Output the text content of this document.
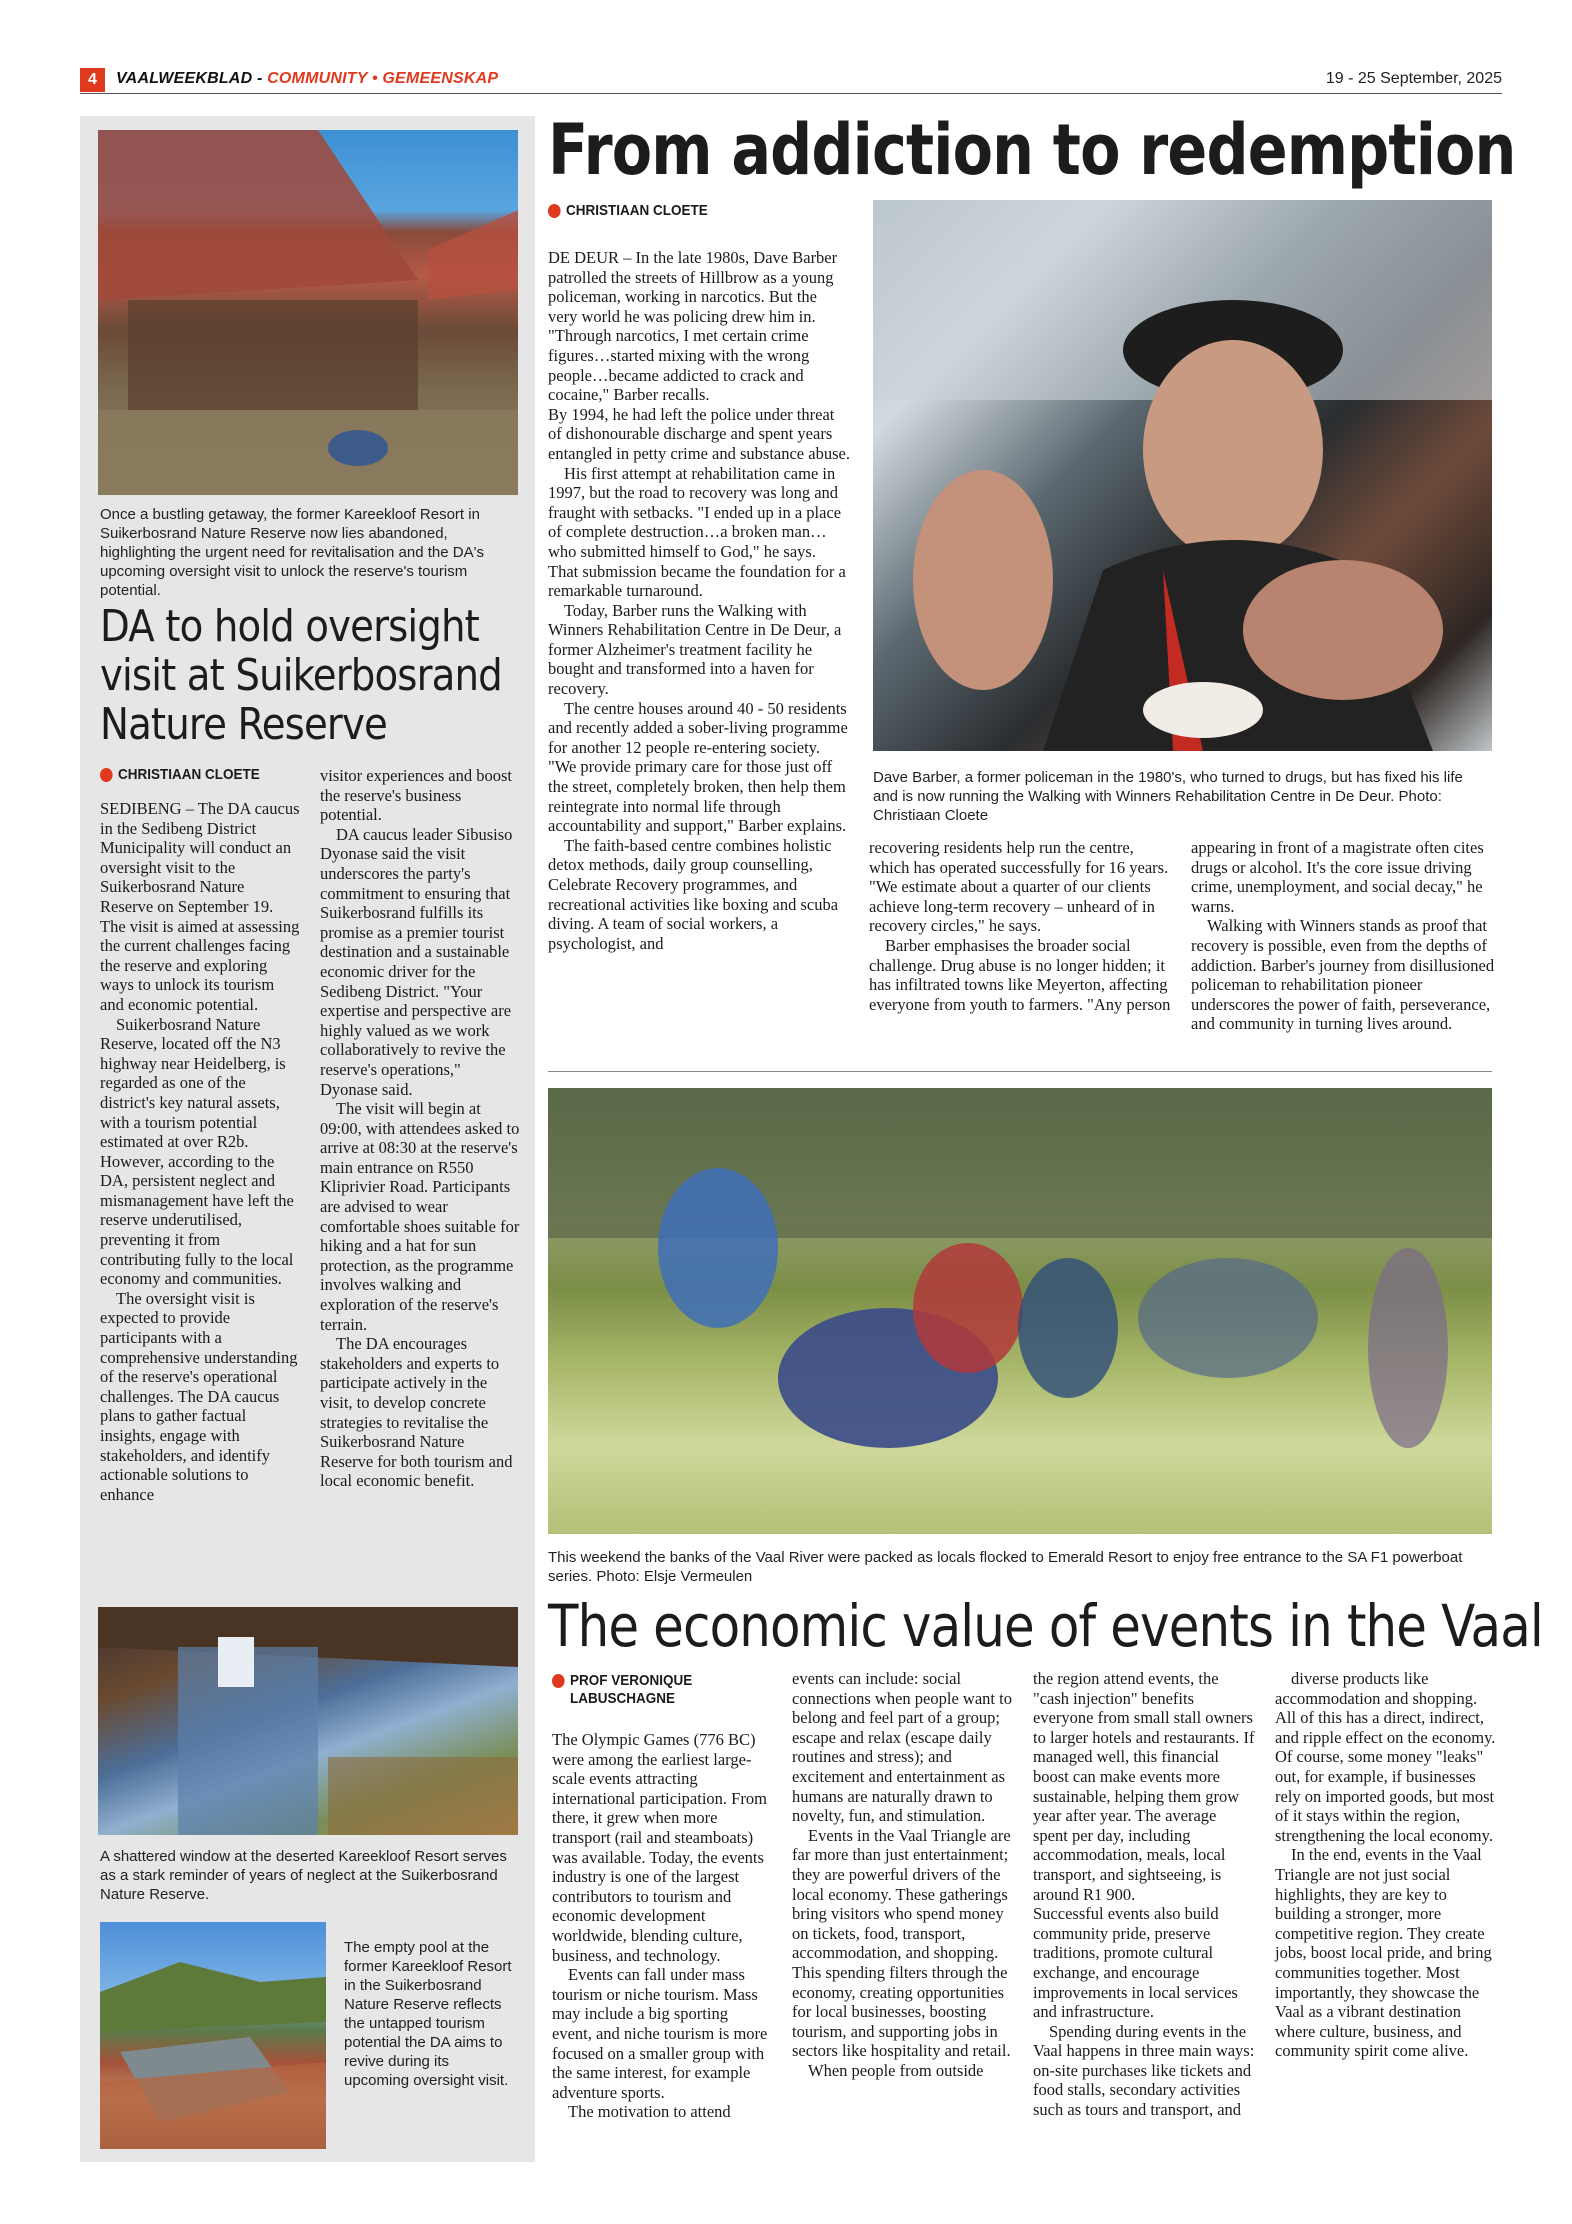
4	VAALWEEKBLAD - COMMUNITY • GEMEENSKAP	19 - 25 September, 2025
Once a bustling getaway, the former Kareekloof Resort in Suikerbosrand Nature Reserve now lies abandoned, highlighting the urgent need for revitalisation and the DA's upcoming oversight visit to unlock the reserve's tourism potential.
DA to hold oversight visit at Suikerbosrand Nature Reserve
CHRISTIAAN CLOETE

SEDIBENG – The DA caucus in the Sedibeng District Municipality will conduct an oversight visit to the Suikerbosrand Nature Reserve on September 19. The visit is aimed at assessing the current challenges facing the reserve and exploring ways to unlock its tourism and economic potential.

Suikerbosrand Nature Reserve, located off the N3 highway near Heidelberg, is regarded as one of the district's key natural assets, with a tourism potential estimated at over R2b. However, according to the DA, persistent neglect and mismanagement have left the reserve underutilised, preventing it from contributing fully to the local economy and communities.

The oversight visit is expected to provide participants with a comprehensive understanding of the reserve's operational challenges. The DA caucus plans to gather factual insights, engage with stakeholders, and identify actionable solutions to enhance

visitor experiences and boost the reserve's business potential.

DA caucus leader Sibusiso Dyonase said the visit underscores the party's commitment to ensuring that Suikerbosrand fulfills its promise as a premier tourist destination and a sustainable economic driver for the Sedibeng District. "Your expertise and perspective are highly valued as we work collaboratively to revive the reserve's operations," Dyonase said.

The visit will begin at 09:00, with attendees asked to arrive at 08:30 at the reserve's main entrance on R550 Kliprivier Road. Participants are advised to wear comfortable shoes suitable for hiking and a hat for sun protection, as the programme involves walking and exploration of the reserve's terrain.

The DA encourages stakeholders and experts to participate actively in the visit, to develop concrete strategies to revitalise the Suikerbosrand Nature Reserve for both tourism and local economic benefit.

A shattered window at the deserted Kareekloof Resort serves as a stark reminder of years of neglect at the Suikerbosrand Nature Reserve.
The empty pool at the former Kareekloof Resort in the Suikerbosrand Nature Reserve reflects the untapped tourism potential the DA aims to revive during its upcoming oversight visit.
From addiction to redemption
CHRISTIAAN CLOETE

DE DEUR – In the late 1980s, Dave Barber patrolled the streets of Hillbrow as a young policeman, working in narcotics. But the very world he was policing drew him in.

"Through narcotics, I met certain crime figures…started mixing with the wrong people…became addicted to crack and cocaine," Barber recalls.

By 1994, he had left the police under threat of dishonourable discharge and spent years entangled in petty crime and substance abuse.

His first attempt at rehabilitation came in 1997, but the road to recovery was long and fraught with setbacks. "I ended up in a place of complete destruction…a broken man…who submitted himself to God," he says. That submission became the foundation for a remarkable turnaround.

Today, Barber runs the Walking with Winners Rehabilitation Centre in De Deur, a former Alzheimer's treatment facility he bought and transformed into a haven for recovery.

The centre houses around 40 - 50 residents and recently added a sober-living programme for another 12 people re-entering society. "We provide primary care for those just off the street, completely broken, then help them reintegrate into normal life through accountability and support," Barber explains.

The faith-based centre combines holistic detox methods, daily group counselling, Celebrate Recovery programmes, and recreational activities like boxing and scuba diving. A team of social workers, a psychologist, and

Dave Barber, a former policeman in the 1980's, who turned to drugs, but has fixed his life and is now running the Walking with Winners Rehabilitation Centre in De Deur. Photo: Christiaan Cloete

recovering residents help run the centre, which has operated successfully for 16 years. "We estimate about a quarter of our clients achieve long-term recovery – unheard of in recovery circles," he says.

Barber emphasises the broader social challenge. Drug abuse is no longer hidden; it has infiltrated towns like Meyerton, affecting everyone from youth to farmers. "Any person

appearing in front of a magistrate often cites drugs or alcohol. It's the core issue driving crime, unemployment, and social decay," he warns.

Walking with Winners stands as proof that recovery is possible, even from the depths of addiction. Barber's journey from disillusioned policeman to rehabilitation pioneer underscores the power of faith, perseverance, and community in turning lives around.

This weekend the banks of the Vaal River were packed as locals flocked to Emerald Resort to enjoy free entrance to the SA F1 powerboat series. Photo: Elsje Vermeulen
The economic value of events in the Vaal
PROF VERONIQUE LABUSCHAGNE

The Olympic Games (776 BC) were among the earliest large-scale events attracting international participation. From there, it grew when more transport (rail and steamboats) was available. Today, the events industry is one of the largest contributors to tourism and economic development worldwide, blending culture, business, and technology.

Events can fall under mass tourism or niche tourism. Mass may include a big sporting event, and niche tourism is more focused on a smaller group with the same interest, for example adventure sports.

The motivation to attend

events can include: social connections when people want to belong and feel part of a group; escape and relax (escape daily routines and stress); and excitement and entertainment as humans are naturally drawn to novelty, fun, and stimulation.

Events in the Vaal Triangle are far more than just entertainment; they are powerful drivers of the local economy. These gatherings bring visitors who spend money on tickets, food, transport, accommodation, and shopping. This spending filters through the economy, creating opportunities for local businesses, boosting tourism, and supporting jobs in sectors like hospitality and retail.

When people from outside

the region attend events, the "cash injection" benefits everyone from small stall owners to larger hotels and restaurants. If managed well, this financial boost can make events more sustainable, helping them grow year after year. The average spent per day, including accommodation, meals, local transport, and sightseeing, is around R1 900.

Successful events also build community pride, preserve traditions, promote cultural exchange, and encourage improvements in local services and infrastructure.

Spending during events in the Vaal happens in three main ways: on-site purchases like tickets and food stalls, secondary activities such as tours and transport, and

diverse products like accommodation and shopping. All of this has a direct, indirect, and ripple effect on the economy.

Of course, some money "leaks" out, for example, if businesses rely on imported goods, but most of it stays within the region, strengthening the local economy.

In the end, events in the Vaal Triangle are not just social highlights, they are key to building a stronger, more competitive region. They create jobs, boost local pride, and bring communities together. Most importantly, they showcase the Vaal as a vibrant destination where culture, business, and community spirit come alive.
